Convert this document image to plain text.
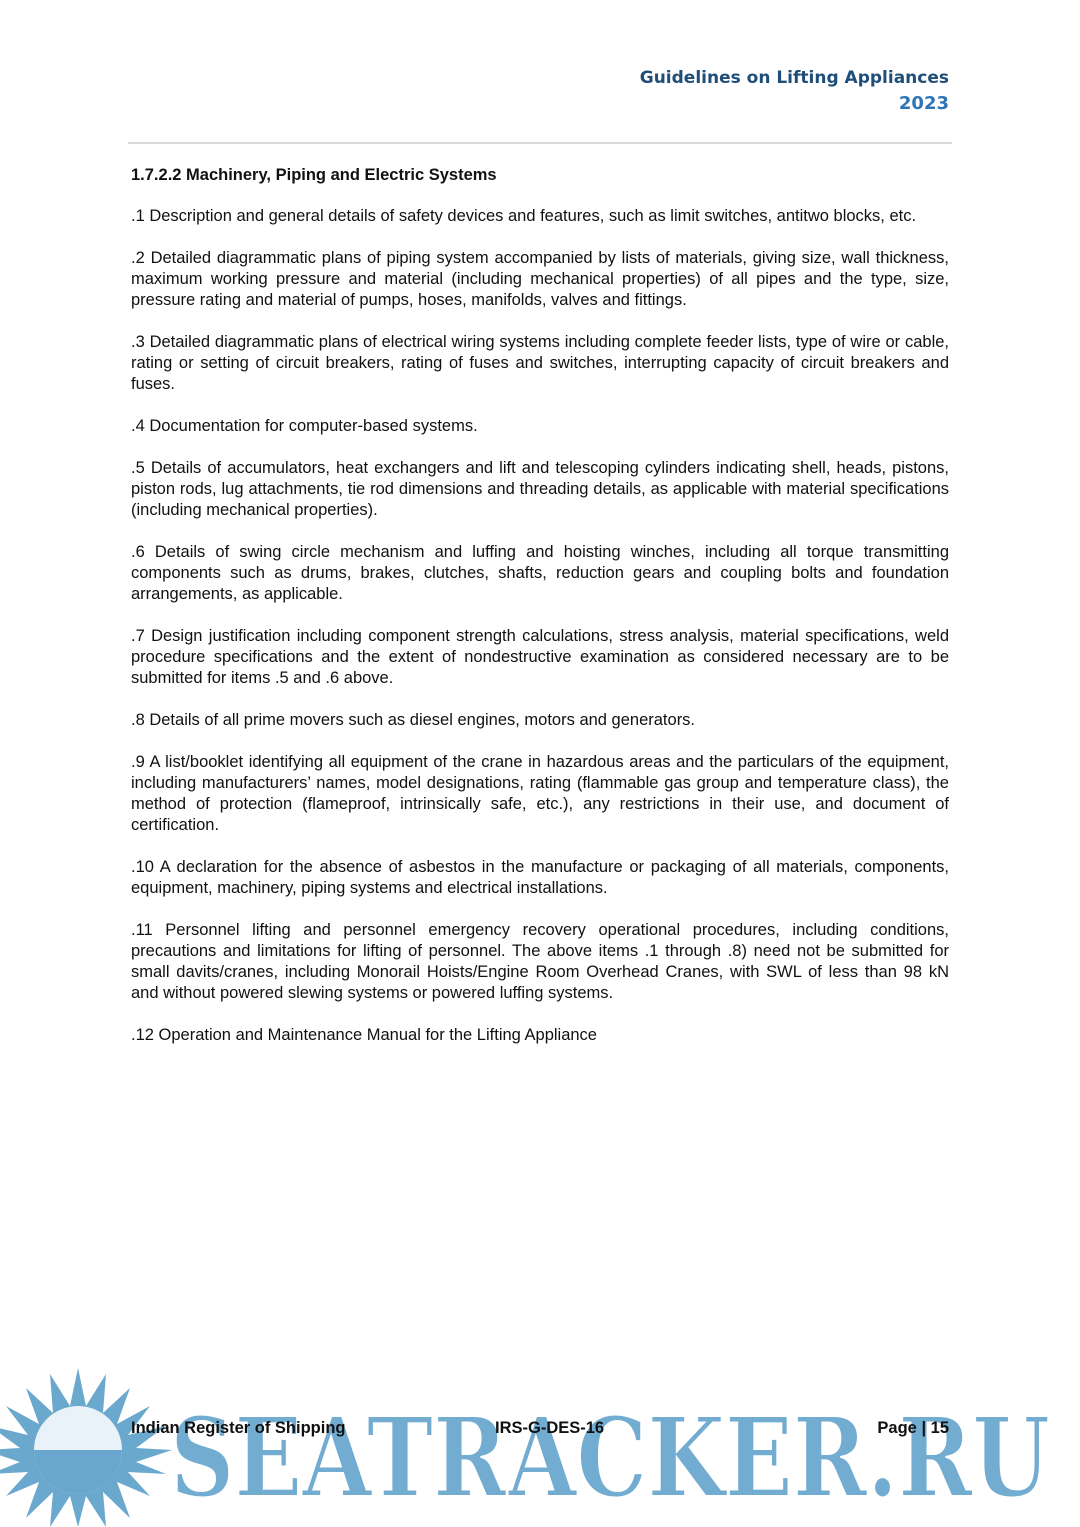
Guidelines on Lifting Appliances
2023
1.7.2.2 Machinery, Piping and Electric Systems

.1 Description and general details of safety devices and features, such as limit switches, antitwo blocks, etc.

.2 Detailed diagrammatic plans of piping system accompanied by lists of materials, giving size, wall thickness, maximum working pressure and material (including mechanical properties) of all pipes and the type, size, pressure rating and material of pumps, hoses, manifolds, valves and fittings.

.3 Detailed diagrammatic plans of electrical wiring systems including complete feeder lists, type of wire or cable, rating or setting of circuit breakers, rating of fuses and switches, interrupting capacity of circuit breakers and fuses.

.4 Documentation for computer-based systems.

.5 Details of accumulators, heat exchangers and lift and telescoping cylinders indicating shell, heads, pistons, piston rods, lug attachments, tie rod dimensions and threading details, as applicable with material specifications (including mechanical properties).

.6 Details of swing circle mechanism and luffing and hoisting winches, including all torque transmitting components such as drums, brakes, clutches, shafts, reduction gears and coupling bolts and foundation arrangements, as applicable.

.7 Design justification including component strength calculations, stress analysis, material specifications, weld procedure specifications and the extent of nondestructive examination as considered necessary are to be submitted for items .5 and .6 above.

.8 Details of all prime movers such as diesel engines, motors and generators.

.9 A list/booklet identifying all equipment of the crane in hazardous areas and the particulars of the equipment, including manufacturers’ names, model designations, rating (flammable gas group and temperature class), the method of protection (flameproof, intrinsically safe, etc.), any restrictions in their use, and document of certification.

.10 A declaration for the absence of asbestos in the manufacture or packaging of all materials, components, equipment, machinery, piping systems and electrical installations.

.11 Personnel lifting and personnel emergency recovery operational procedures, including conditions, precautions and limitations for lifting of personnel. The above items .1 through .8) need not be submitted for small davits/cranes, including Monorail Hoists/Engine Room Overhead Cranes, with SWL of less than 98 kN and without powered slewing systems or powered luffing systems.

.12 Operation and Maintenance Manual for the Lifting Appliance

SEATRACKER.RU
Indian Register of Shipping	IRS-G-DES-16	Page | 15
